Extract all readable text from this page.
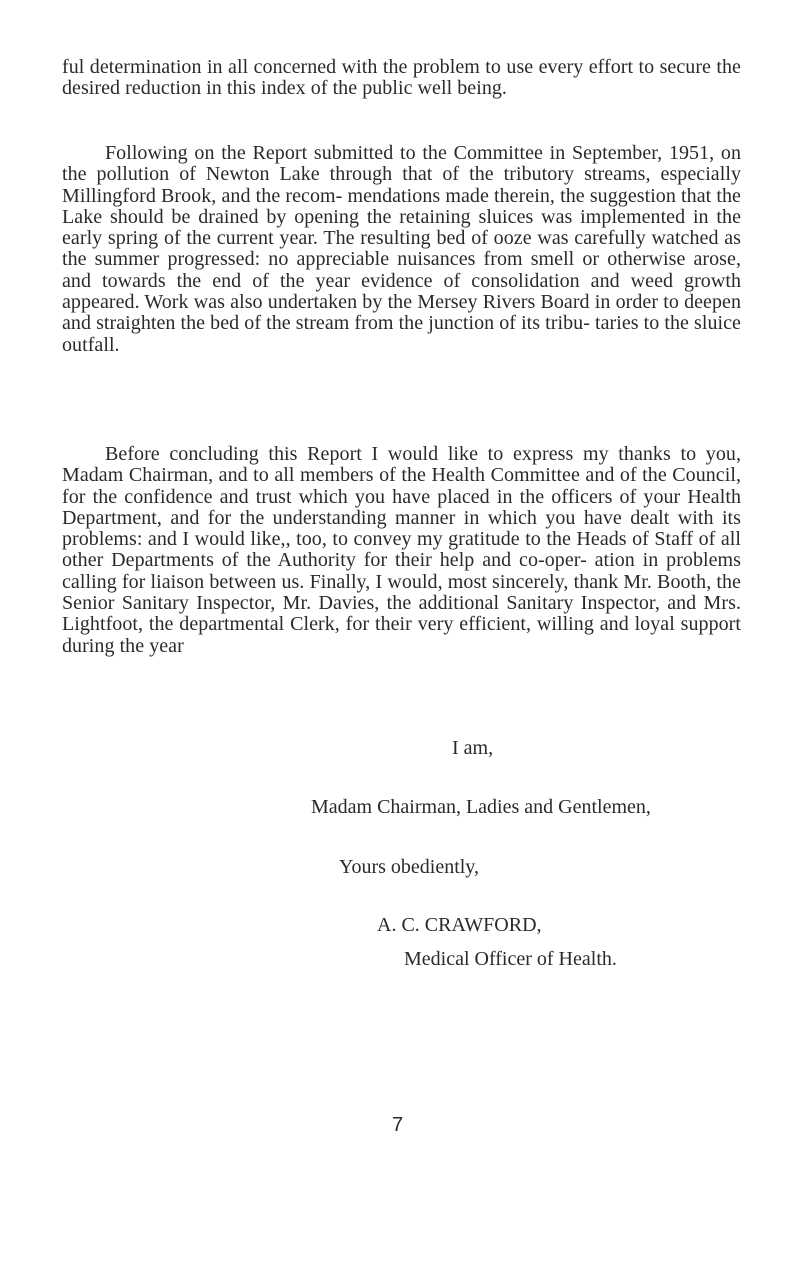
ful determination in all concerned with the problem to use every effort to secure the desired reduction in this index of the public well being.

Following on the Report submitted to the Committee in September, 1951, on the pollution of Newton Lake through that of the tributory streams, especially Millingford Brook, and the recom- mendations made therein, the suggestion that the Lake should be drained by opening the retaining sluices was implemented in the early spring of the current year. The resulting bed of ooze was carefully watched as the summer progressed: no appreciable nuisances from smell or otherwise arose, and towards the end of the year evidence of consolidation and weed growth appeared. Work was also undertaken by the Mersey Rivers Board in order to deepen and straighten the bed of the stream from the junction of its tribu- taries to the sluice outfall.

Before concluding this Report I would like to express my thanks to you, Madam Chairman, and to all members of the Health Committee and of the Council, for the confidence and trust which you have placed in the officers of your Health Department, and for the understanding manner in which you have dealt with its problems: and I would like,, too, to convey my gratitude to the Heads of Staff of all other Departments of the Authority for their help and co-oper- ation in problems calling for liaison between us. Finally, I would, most sincerely, thank Mr. Booth, the Senior Sanitary Inspector, Mr. Davies, the additional Sanitary Inspector, and Mrs. Lightfoot, the departmental Clerk, for their very efficient, willing and loyal support during the year

I am,

Madam Chairman, Ladies and Gentlemen,

Yours obediently,

A. C. CRAWFORD,

Medical Officer of Health.

7
